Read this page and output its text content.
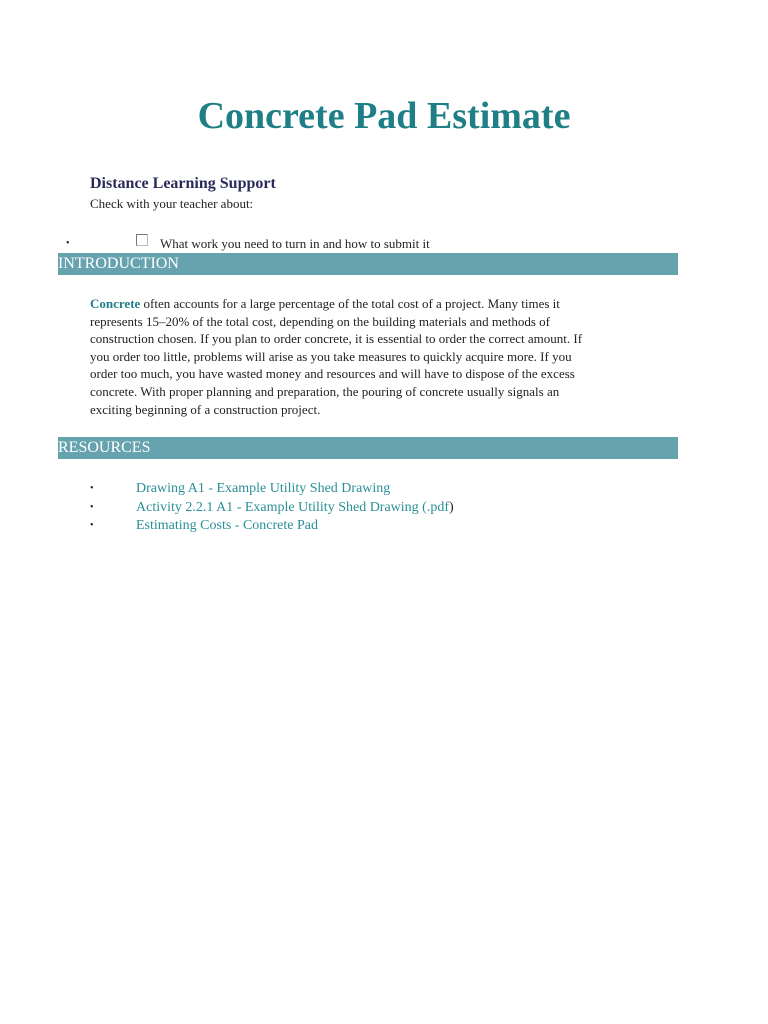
Concrete Pad Estimate
Distance Learning Support
Check with your teacher about:
•	What work you need to turn in and how to submit it
INTRODUCTION
Concrete often accounts for a large percentage of the total cost of a project. Many times it
represents 15–20% of the total cost, depending on the building materials and methods of
construction chosen. If you plan to order concrete, it is essential to order the correct amount. If
you order too little, problems will arise as you take measures to quickly acquire more. If you
order too much, you have wasted money and resources and will have to dispose of the excess
concrete. With proper planning and preparation, the pouring of concrete usually signals an
exciting beginning of a construction project.
RESOURCES
•	Drawing A1 - Example Utility Shed Drawing
•	Activity 2.2.1 A1 - Example Utility Shed Drawing (.pdf)
•	Estimating Costs - Concrete Pad
